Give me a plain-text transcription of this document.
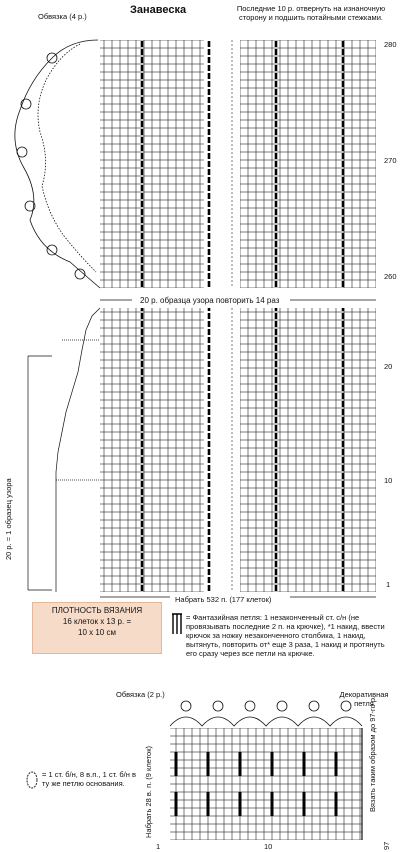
Занавеска	Последние 10 р. отвернуть на изнаночную сторону и подшить потайными стежками.
Обвязка (4 р.)
20 р. образца узора повторить 14 раз
280
270
260
20
10
1
20 р. = 1 образец узора
Набрать 532 п. (177 клеток)
ПЛОТНОСТЬ ВЯЗАНИЯ
16 клеток х 13 р. =
10 х 10 см
= Фантазийная петля: 1 незаконченный ст. с/н (не провязывать последние 2 п. на крючке), *1 накид, ввести крючок за ножку незаконченного столбика, 1 накид, вытянуть, повторить от* еще 3 раза, 1 накид и протянуть его сразу через все петли на крючке.
Обвязка (2 р.)	Декоративная петля
Набрать 28 в. п. (9 клеток)	Вязать таким образом до 97-го р.
1	10	97
= 1 ст. б/н, 8 в.п., 1 ст. б/н в ту же петлю основания.
